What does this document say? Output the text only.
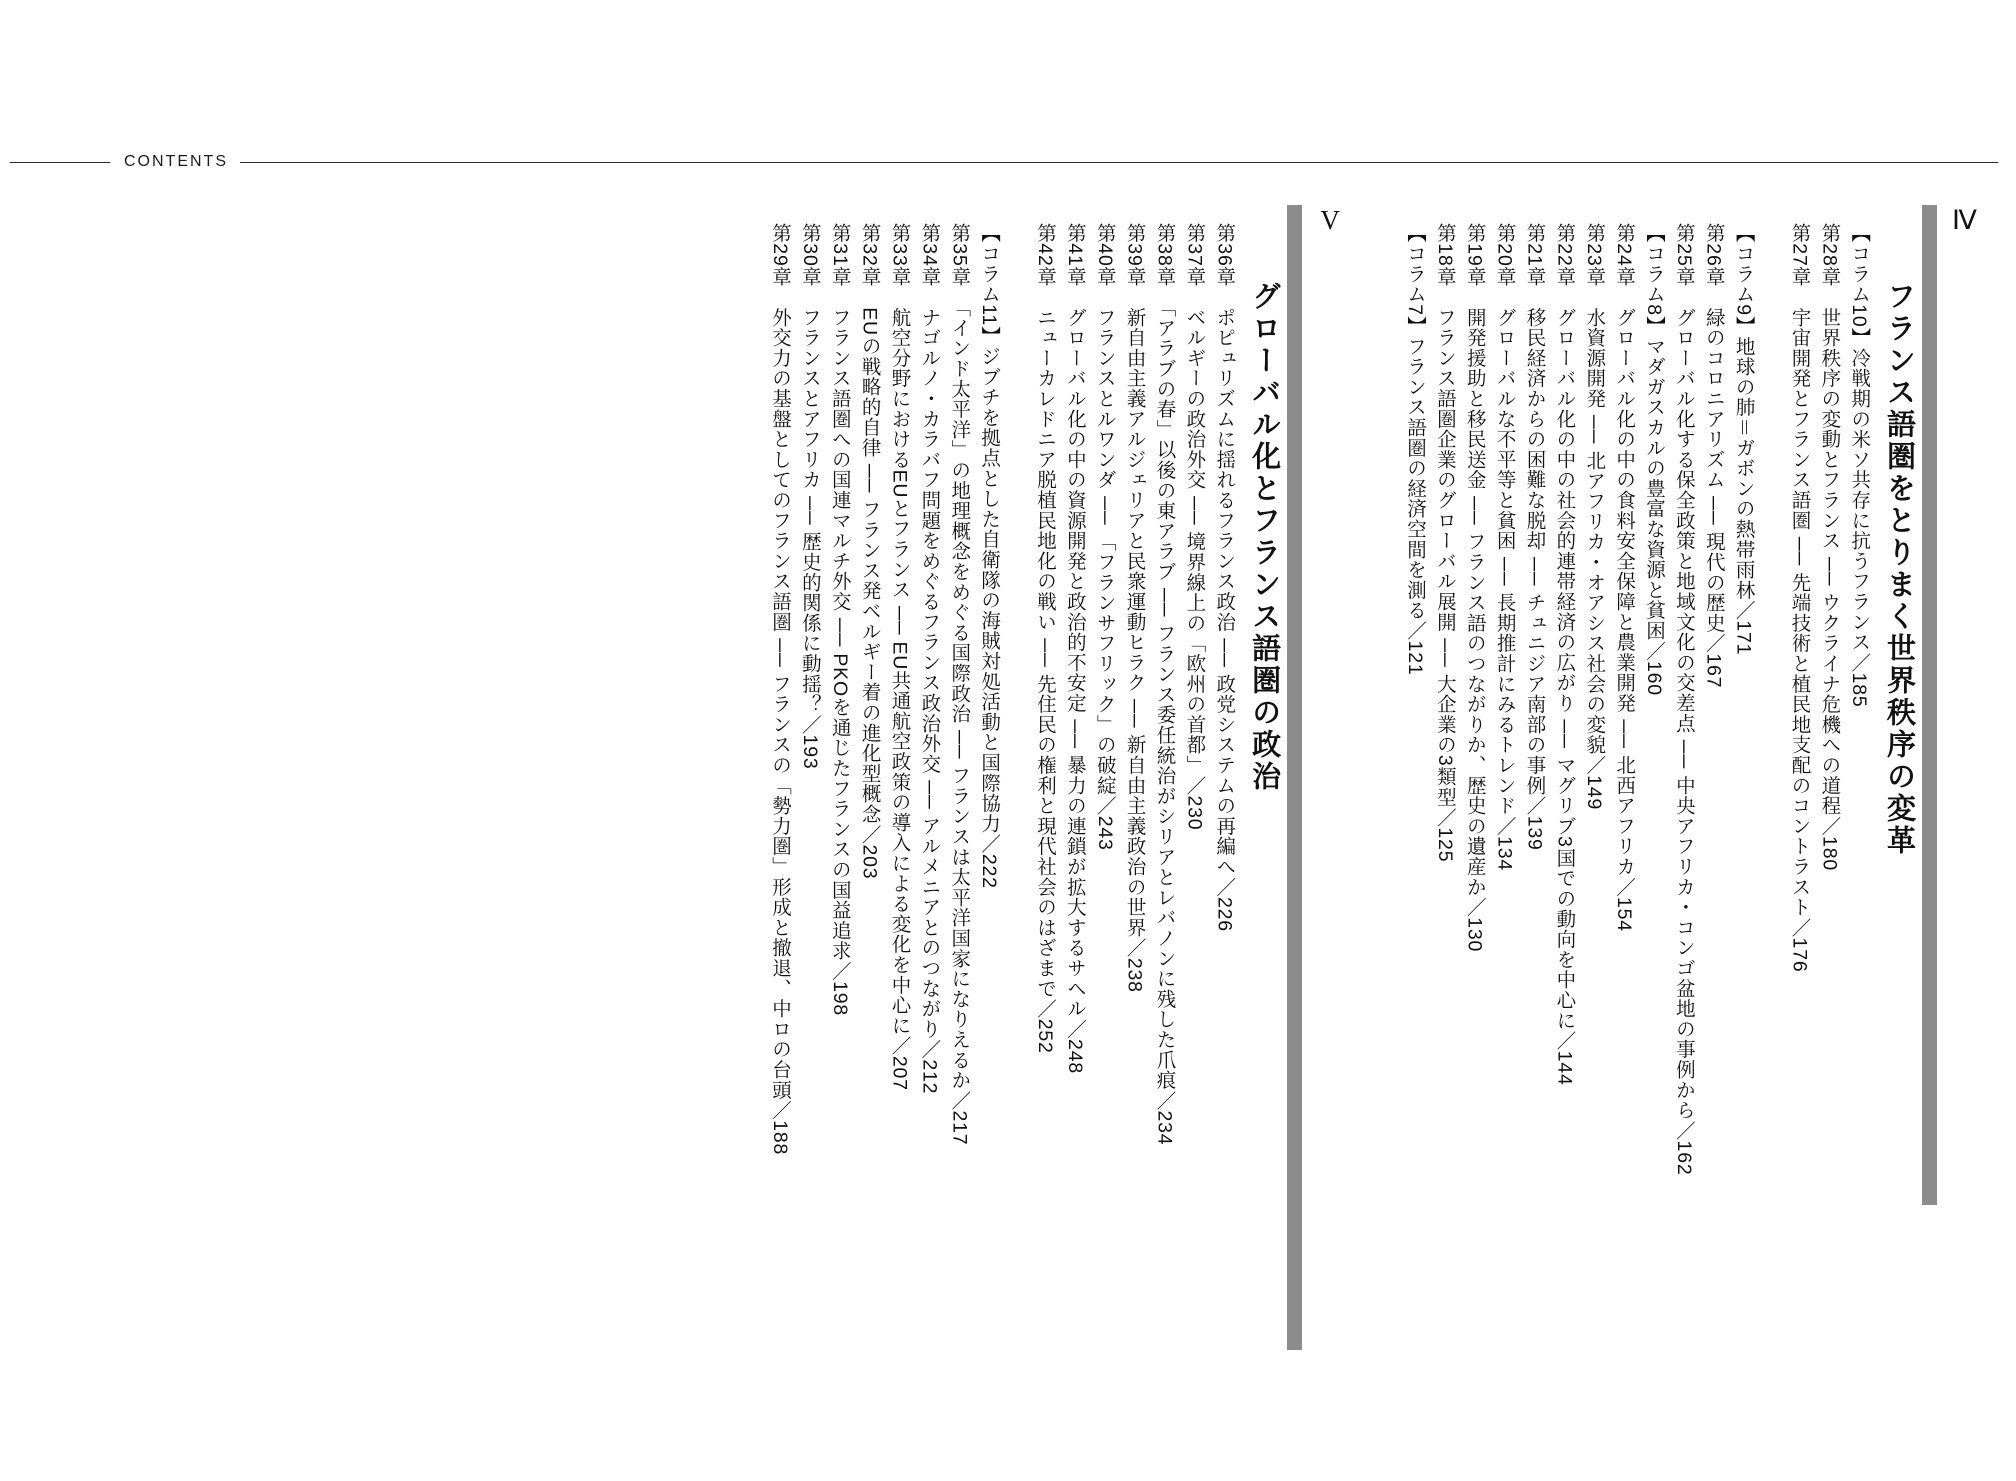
CONTENTS
Ⅳ
フランス語圏をとりまく世界秩序の変革
【コラム10】冷戦期の米ソ共存に抗うフランス／185
第28章　世界秩序の変動とフランス ── ウクライナ危機への道程／180
第27章　宇宙開発とフランス語圏 ── 先端技術と植民地支配のコントラスト／176
【コラム9】地球の肺＝ガボンの熱帯雨林／171
第26章　緑のコロニアリズム ── 現代の歴史／167
第25章　グローバル化する保全政策と地域文化の交差点 ── 中央アフリカ・コンゴ盆地の事例から／162
【コラム8】マダガスカルの豊富な資源と貧困／160
第24章　グローバル化の中の食料安全保障と農業開発 ── 北西アフリカ／154
第23章　水資源開発 ── 北アフリカ・オアシス社会の変貌／149
第22章　グローバル化の中の社会的連帯経済の広がり ── マグリブ3国での動向を中心に／144
第21章　移民経済からの困難な脱却 ── チュニジア南部の事例／139
第20章　グローバルな不平等と貧困 ── 長期推計にみるトレンド／134
第19章　開発援助と移民送金 ── フランス語のつながりか、歴史の遺産か／130
第18章　フランス語圏企業のグローバル展開 ── 大企業の3類型／125
【コラム7】フランス語圏の経済空間を測る／121
V
グローバル化とフランス語圏の政治
第36章　ポピュリズムに揺れるフランス政治 ── 政党システムの再編へ／226
第37章　ベルギーの政治外交 ── 境界線上の「欧州の首都」／230
第38章　「アラブの春」以後の東アラブ ── フランス委任統治がシリアとレバノンに残した爪痕／234
第39章　新自由主義アルジェリアと民衆運動ヒラク ── 新自由主義政治の世界／238
第40章　フランスとルワンダ ── 「フランサフリック」の破綻／243
第41章　グローバル化の中の資源開発と政治的不安定 ── 暴力の連鎖が拡大するサヘル／248
第42章　ニューカレドニア脱植民地化の戦い ── 先住民の権利と現代社会のはざまで／252
【コラム11】ジブチを拠点とした自衛隊の海賊対処活動と国際協力／222
第35章　「インド太平洋」の地理概念をめぐる国際政治 ── フランスは太平洋国家になりえるか／217
第34章　ナゴルノ・カラバフ問題をめぐるフランス政治外交 ── アルメニアとのつながり／212
第33章　航空分野におけるEUとフランス ── EU共通航空政策の導入による変化を中心に／207
第32章　EUの戦略的自律 ── フランス発ベルギー着の進化型概念／203
第31章　フランス語圏への国連マルチ外交 ── PKOを通じたフランスの国益追求／198
第30章　フランスとアフリカ ── 歴史的関係に動揺？／193
第29章　外交力の基盤としてのフランス語圏 ── フランスの「勢力圏」形成と撤退、中ロの台頭／188
